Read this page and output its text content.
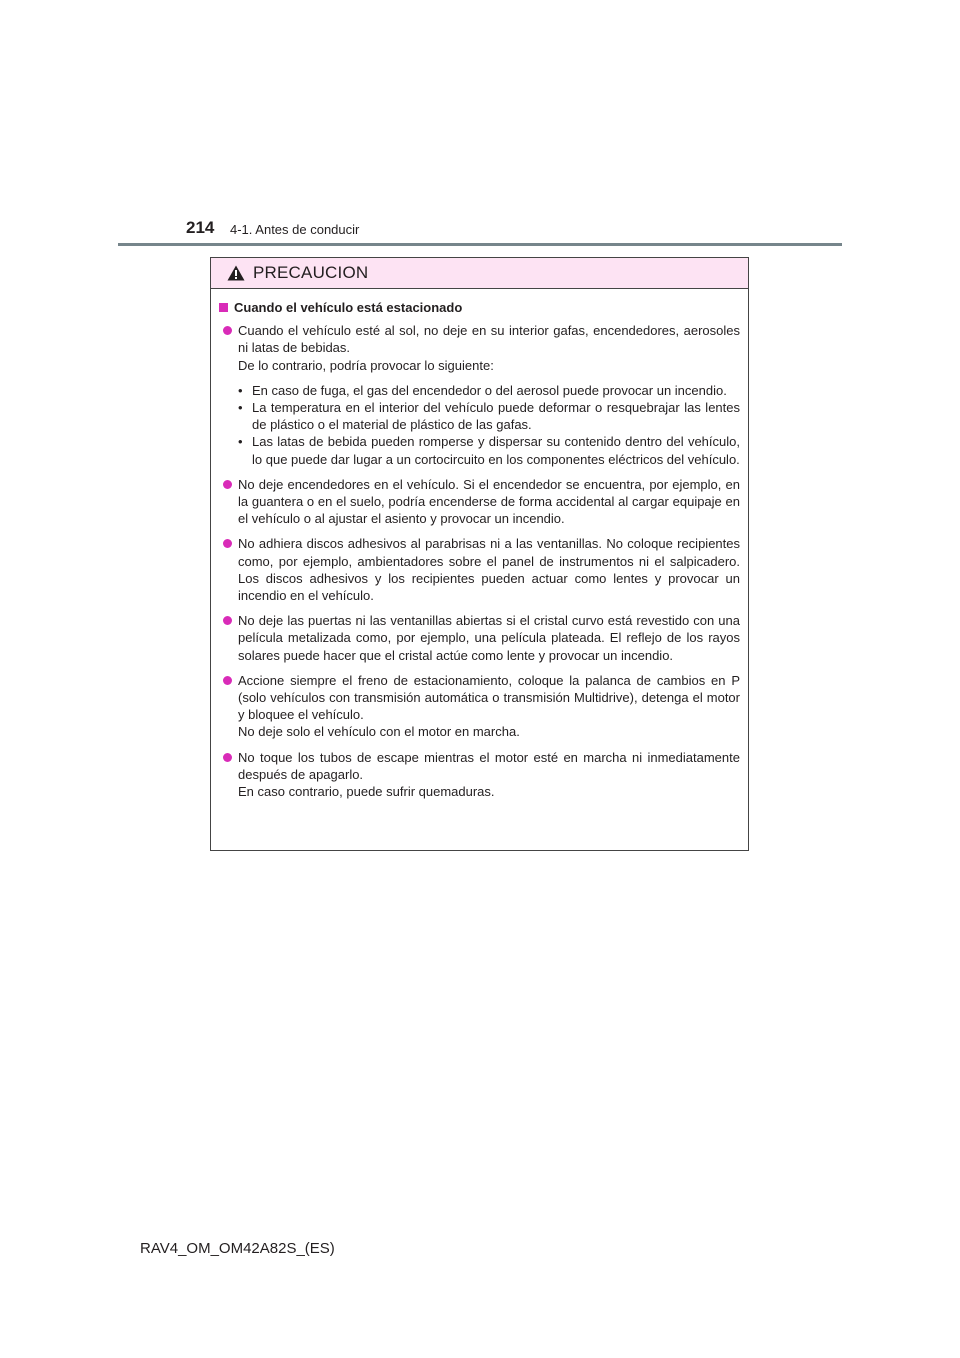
214 4-1. Antes de conducir
PRECAUCION
Cuando el vehículo está estacionado

Cuando el vehículo esté al sol, no deje en su interior gafas, encendedores, aerosoles ni latas de bebidas.

De lo contrario, podría provocar lo siguiente:

• En caso de fuga, el gas del encendedor o del aerosol puede provocar un incendio.
• La temperatura en el interior del vehículo puede deformar o resquebrajar las lentes de plástico o el material de plástico de las gafas.
• Las latas de bebida pueden romperse y dispersar su contenido dentro del vehículo, lo que puede dar lugar a un cortocircuito en los componentes eléctricos del vehículo.

No deje encendedores en el vehículo. Si el encendedor se encuentra, por ejemplo, en la guantera o en el suelo, podría encenderse de forma accidental al cargar equipaje en el vehículo o al ajustar el asiento y provocar un incendio.

No adhiera discos adhesivos al parabrisas ni a las ventanillas. No coloque recipientes como, por ejemplo, ambientadores sobre el panel de instrumentos ni el salpicadero. Los discos adhesivos y los recipientes pueden actuar como lentes y provocar un incendio en el vehículo.

No deje las puertas ni las ventanillas abiertas si el cristal curvo está revestido con una película metalizada como, por ejemplo, una película plateada. El reflejo de los rayos solares puede hacer que el cristal actúe como lente y provocar un incendio.

Accione siempre el freno de estacionamiento, coloque la palanca de cambios en P (solo vehículos con transmisión automática o transmisión Multidrive), detenga el motor y bloquee el vehículo.

No deje solo el vehículo con el motor en marcha.

No toque los tubos de escape mientras el motor esté en marcha ni inmediatamente después de apagarlo.

En caso contrario, puede sufrir quemaduras.

RAV4_OM_OM42A82S_(ES)
